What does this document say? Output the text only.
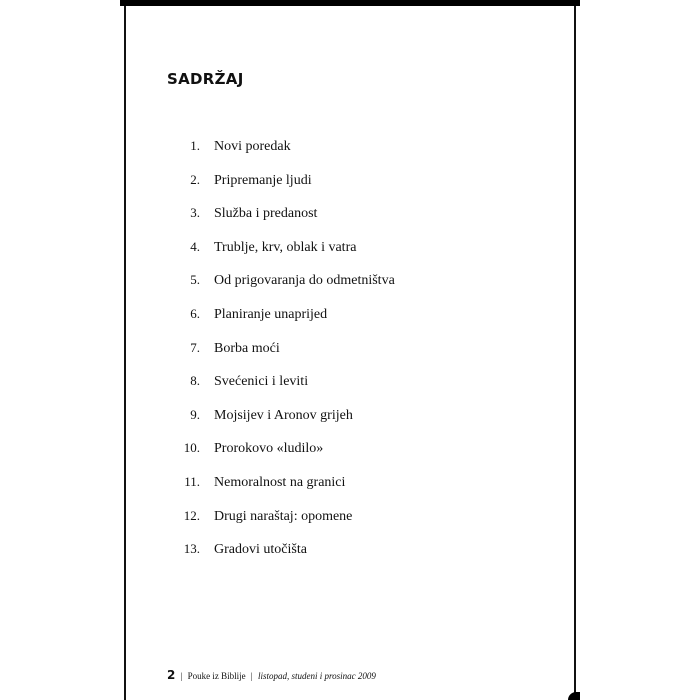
SADRŽAJ
1. Novi poredak
2. Pripremanje ljudi
3. Služba i predanost
4. Trublje, krv, oblak i vatra
5. Od prigovaranja do odmetništva
6. Planiranje unaprijed
7. Borba moći
8. Svećenici i leviti
9. Mojsijev i Aronov grijeh
10. Prorokovo «ludilo»
11. Nemoralnost na granici
12. Drugi naraštaj: opomene
13. Gradovi utočišta
2 | Pouke iz Biblije | listopad, studeni i prosinac 2009
